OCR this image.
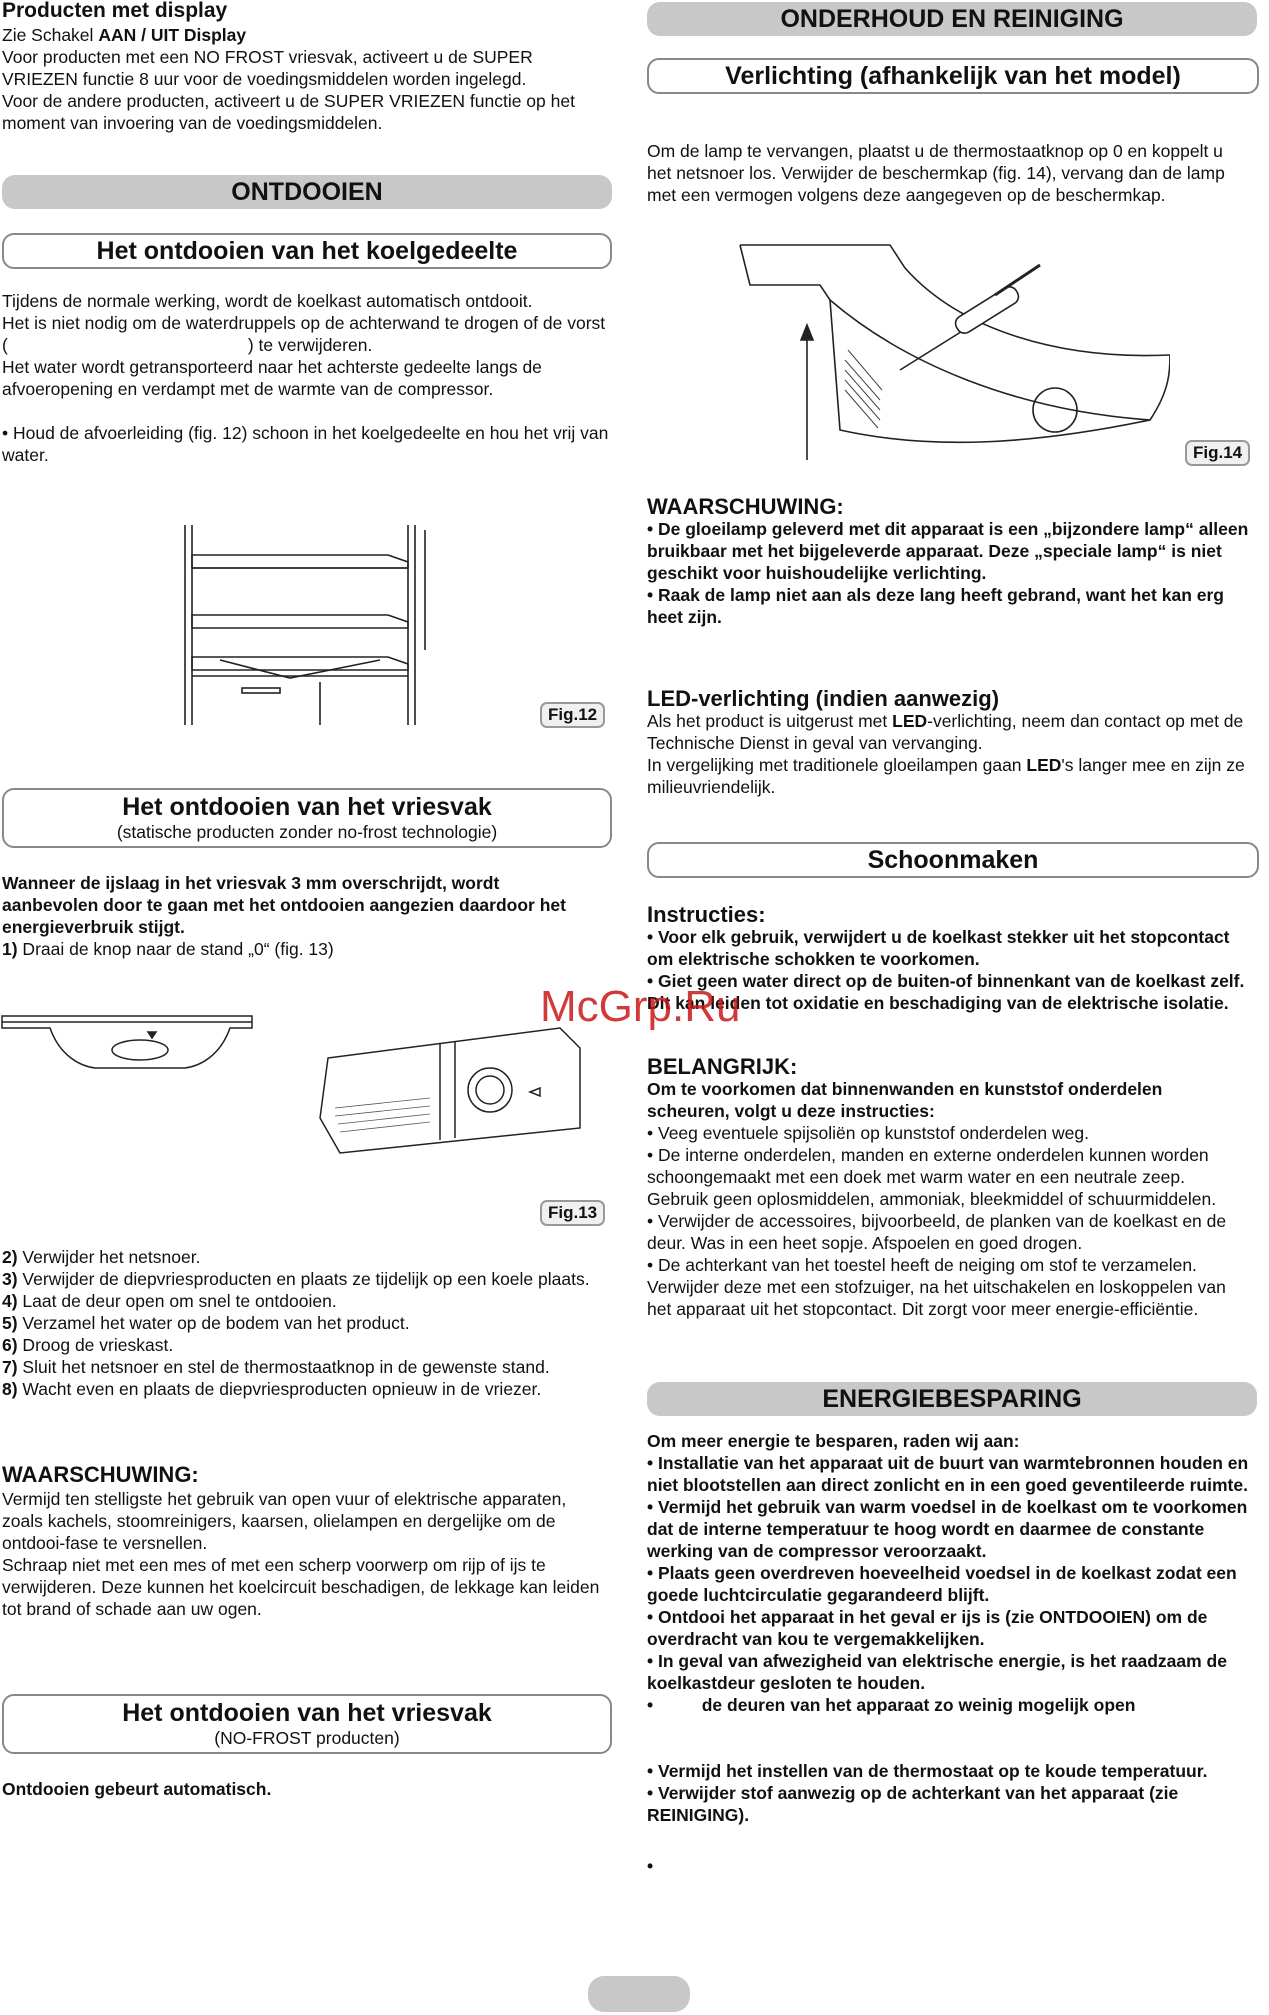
Producten met display

Zie Schakel AAN / UIT Display

Voor producten met een NO FROST vriesvak, activeert u de SUPER VRIEZEN functie 8 uur voor de voedingsmiddelen worden ingelegd.

Voor de andere producten, activeert u de SUPER VRIEZEN functie op het moment van invoering van de voedingsmiddelen.

ONTDOOIEN
Het ontdooien van het koelgedeelte

Tijdens de normale werking, wordt de koelkast automatisch ontdooit.

Het is niet nodig om de waterdruppels op de achterwand te drogen of de vorst (	) te verwijderen.

Het water wordt getransporteerd naar het achterste gedeelte langs de afvoeropening en verdampt met de warmte van de compressor.

• Houd de afvoerleiding (fig. 12) schoon in het koelgedeelte en hou het vrij van water.

Fig.12
Het ontdooien van het vriesvak
(statische producten zonder no-frost technologie)

Wanneer de ijslaag in het vriesvak 3 mm overschrijdt, wordt aanbevolen door te gaan met het ontdooien aangezien daardoor het energieverbruik stijgt.

1) Draai de knop naar de stand „0“ (fig. 13)

Fig.13

2) Verwijder het netsnoer.

3) Verwijder de diepvriesproducten en plaats ze tijdelijk op een koele plaats.

4) Laat de deur open om snel te ontdooien.

5) Verzamel het water op de bodem van het product.

6) Droog de vrieskast.

7) Sluit het netsnoer en stel de thermostaatknop in de gewenste stand.

8) Wacht even en plaats de diepvriesproducten opnieuw in de vriezer.

WAARSCHUWING:

Vermijd ten stelligste het gebruik van open vuur of elektrische apparaten, zoals kachels, stoomreinigers, kaarsen, olielampen en dergelijke om de ontdooi-fase te versnellen.

Schraap niet met een mes of met een scherp voorwerp om rijp of ijs te verwijderen. Deze kunnen het koelcircuit beschadigen, de lekkage kan leiden tot brand of schade aan uw ogen.

Het ontdooien van het vriesvak
(NO-FROST producten)

Ontdooien gebeurt automatisch.

ONDERHOUD EN REINIGING
Verlichting (afhankelijk van het model)

Om de lamp te vervangen, plaatst u de thermostaatknop op 0 en koppelt u het netsnoer los. Verwijder de beschermkap (fig. 14), vervang dan de lamp met een vermogen volgens deze aangegeven op de beschermkap.

Fig.14
WAARSCHUWING:

• De gloeilamp geleverd met dit apparaat is een „bijzondere lamp“ alleen bruikbaar met het bijgeleverde apparaat. Deze „speciale lamp“ is niet geschikt voor huishoudelijke verlichting.

• Raak de lamp niet aan als deze lang heeft gebrand, want het kan erg heet zijn.

LED-verlichting (indien aanwezig)

Als het product is uitgerust met LED-verlichting, neem dan contact op met de Technische Dienst in geval van vervanging.

In vergelijking met traditionele gloeilampen gaan LED's langer mee en zijn ze milieuvriendelijk.

Schoonmaken
Instructies:

• Voor elk gebruik, verwijdert u de koelkast stekker uit het stopcontact om elektrische schokken te voorkomen.

• Giet geen water direct op de buiten-of binnenkant van de koelkast zelf. Dit kan leiden tot oxidatie en beschadiging van de elektrische isolatie.

BELANGRIJK:

Om te voorkomen dat binnenwanden en kunststof onderdelen scheuren, volgt u deze instructies:

• Veeg eventuele spijsoliën op kunststof onderdelen weg.

• De interne onderdelen, manden en externe onderdelen kunnen worden schoongemaakt met een doek met warm water en een neutrale zeep. Gebruik geen oplosmiddelen, ammoniak, bleekmiddel of schuurmiddelen.

• Verwijder de accessoires, bijvoorbeeld, de planken van de koelkast en de deur. Was in een heet sopje. Afspoelen en goed drogen.

• De achterkant van het toestel heeft de neiging om stof te verzamelen. Verwijder deze met een stofzuiger, na het uitschakelen en loskoppelen van het apparaat uit het stopcontact. Dit zorgt voor meer energie-efficiëntie.

ENERGIEBESPARING

Om meer energie te besparen, raden wij aan:

• Installatie van het apparaat uit de buurt van warmtebronnen houden en niet blootstellen aan direct zonlicht en in een goed geventileerde ruimte.

• Vermijd het gebruik van warm voedsel in de koelkast om te voorkomen dat de interne temperatuur te hoog wordt en daarmee de constante werking van de compressor veroorzaakt.

• Plaats geen overdreven hoeveelheid voedsel in de koelkast zodat een goede luchtcirculatie gegarandeerd blijft.

• Ontdooi het apparaat in het geval er ijs is (zie ONTDOOIEN) om de overdracht van kou te vergemakkelijken.

• In geval van afwezigheid van elektrische energie, is het raadzaam de koelkastdeur gesloten te houden.

•          de deuren van het apparaat zo weinig mogelijk open

• Vermijd het instellen van de thermostaat op te koude temperatuur.

• Verwijder stof aanwezig op de achterkant van het apparaat (zie REINIGING).

•
McGrp.Ru
